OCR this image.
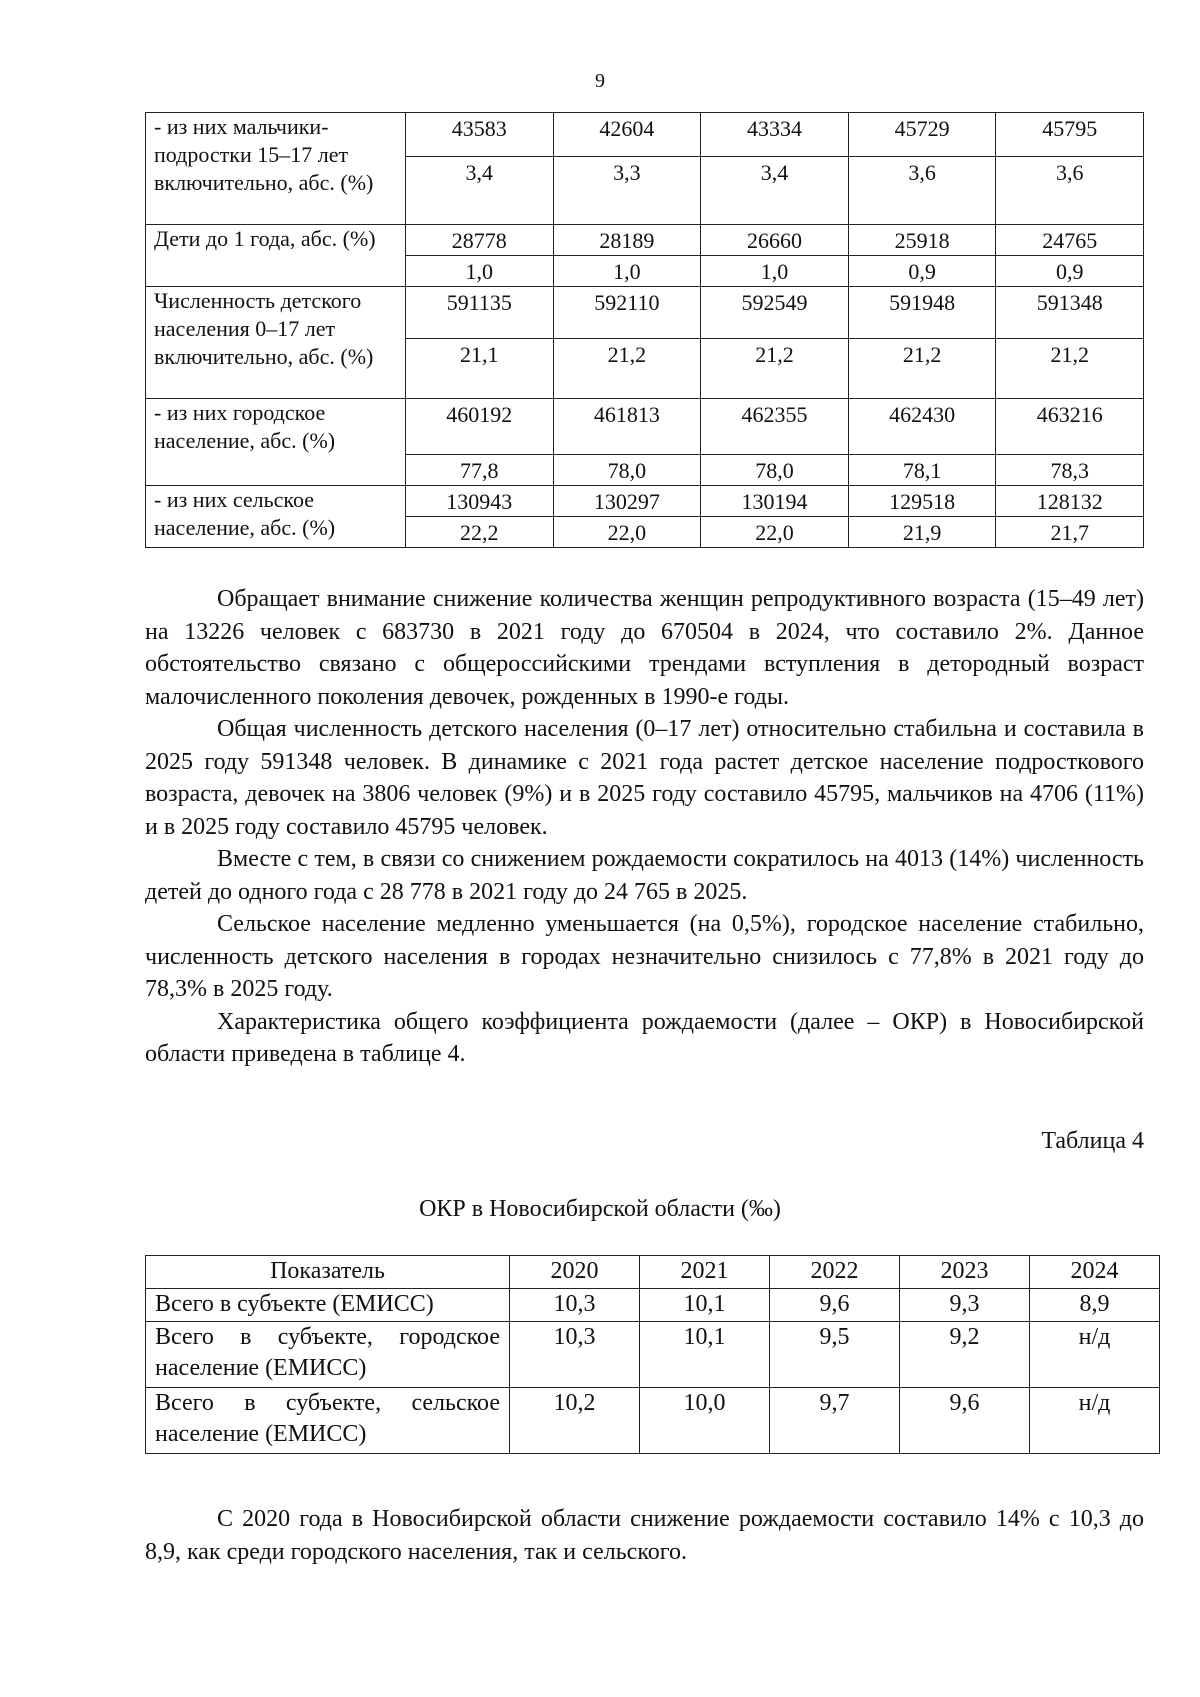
9
- из них мальчики-подростки 15–17 лет включительно, абс. (%)	43583	42604	43334	45729	45795
	3,4	3,3	3,4	3,6	3,6
Дети до 1 года, абс. (%)	28778	28189	26660	25918	24765
	1,0	1,0	1,0	0,9	0,9
Численность детского населения 0–17 лет включительно, абс. (%)	591135	592110	592549	591948	591348
	21,1	21,2	21,2	21,2	21,2
- из них городское население, абс. (%)	460192	461813	462355	462430	463216
	77,8	78,0	78,0	78,1	78,3
- из них сельское население, абс. (%)	130943	130297	130194	129518	128132
	22,2	22,0	22,0	21,9	21,7

Обращает внимание снижение количества женщин репродуктивного возраста (15–49 лет) на 13226 человек с 683730 в 2021 году до 670504 в 2024, что составило 2%. Данное обстоятельство связано с общероссийскими трендами вступления в детородный возраст малочисленного поколения девочек, рожденных в 1990-е годы.

Общая численность детского населения (0–17 лет) относительно стабильна и составила в 2025 году 591348 человек. В динамике с 2021 года растет детское население подросткового возраста, девочек на 3806 человек (9%) и в 2025 году составило 45795, мальчиков на 4706 (11%) и в 2025 году составило 45795 человек.

Вместе с тем, в связи со снижением рождаемости сократилось на 4013 (14%) численность детей до одного года с 28 778 в 2021 году до 24 765 в 2025.

Сельское население медленно уменьшается (на 0,5%), городское население стабильно, численность детского населения в городах незначительно снизилось с 77,8% в 2021 году до 78,3% в 2025 году.

Характеристика общего коэффициента рождаемости (далее – ОКР) в Новосибирской области приведена в таблице 4.

Таблица 4
ОКР в Новосибирской области (‰)
Показатель	2020	2021	2022	2023	2024
Всего в субъекте (ЕМИСС)	10,3	10,1	9,6	9,3	8,9
Всего в субъекте, городское население (ЕМИСС)	10,3	10,1	9,5	9,2	н/д
Всего в субъекте, сельское население (ЕМИСС)	10,2	10,0	9,7	9,6	н/д

С 2020 года в Новосибирской области снижение рождаемости составило 14% с 10,3 до 8,9, как среди городского населения, так и сельского.
